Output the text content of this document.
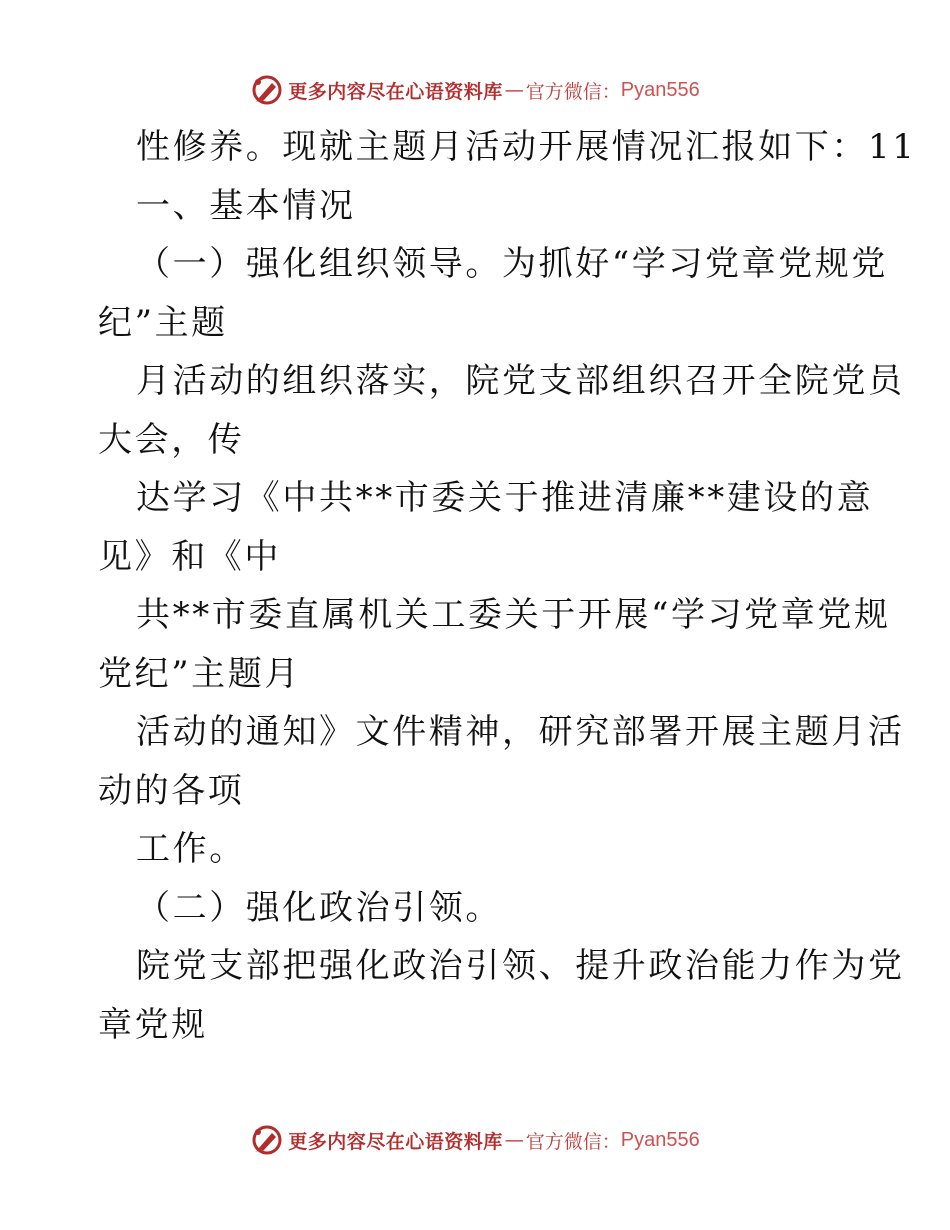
更多内容尽在心语资料库 — 官方微信： Pyan556
性修养。现就主题月活动开展情况汇报如下：11
一、基本情况
（一）强化组织领导。为抓好“学习党章党规党
纪”主题
月活动的组织落实，院党支部组织召开全院党员
大会，传
达学习《中共**市委关于推进清廉**建设的意
见》和《中
共**市委直属机关工委关于开展“学习党章党规
党纪”主题月
活动的通知》文件精神，研究部署开展主题月活
动的各项
工作。
（二）强化政治引领。
院党支部把强化政治引领、提升政治能力作为党
章党规
更多内容尽在心语资料库 — 官方微信： Pyan556
